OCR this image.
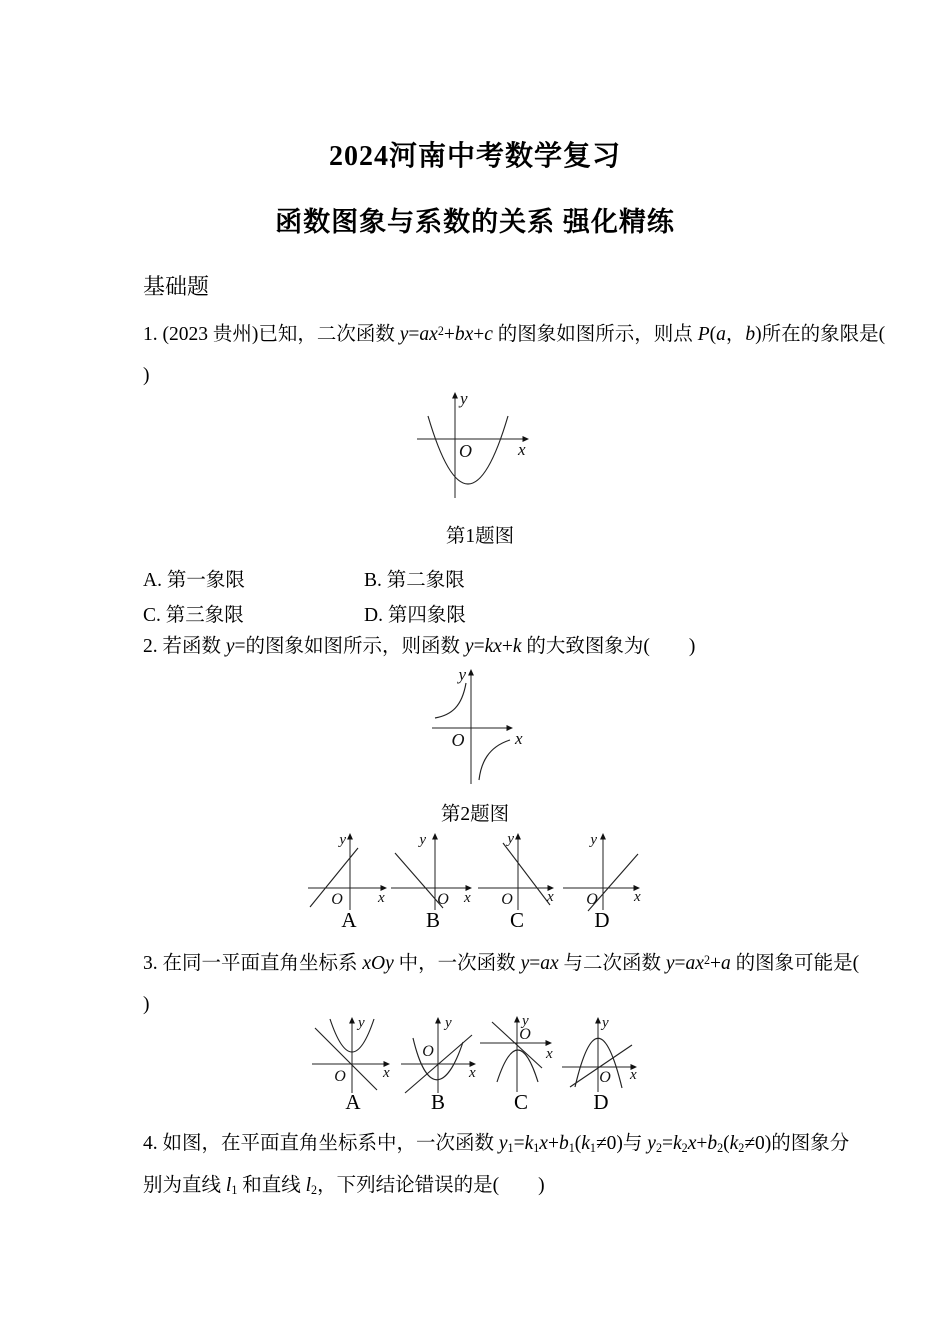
2024河南中考数学复习
函数图象与系数的关系 强化精练
基础题
1. (2023 贵州)已知，二次函数 $y=ax^2+bx+c$ 的图象如图所示，则点 P(a，b)所在的象限是(
)
y
x
O
第1题图
A. 第一象限	B. 第二象限
C. 第三象限	D. 第四象限
2. 若函数 y=的图象如图所示，则函数 y=kx+k 的大致图象为(　　)
y
x
O
第2题图
y
x
O
y
x
O
y
x
O
y
x
O
A	B	C	D
3. 在同一平面直角坐标系 xOy 中，一次函数 y=ax 与二次函数 $y=ax^2+a$ 的图象可能是(
)
y
x
O
y
x
O
y
x
O
y
x
O
A	B	C	D
4. 如图，在平面直角坐标系中，一次函数 y1=k1x+b1(k1≠0)与 y2=k2x+b2(k2≠0)的图象分
别为直线 l1 和直线 l2，下列结论错误的是(　　)
